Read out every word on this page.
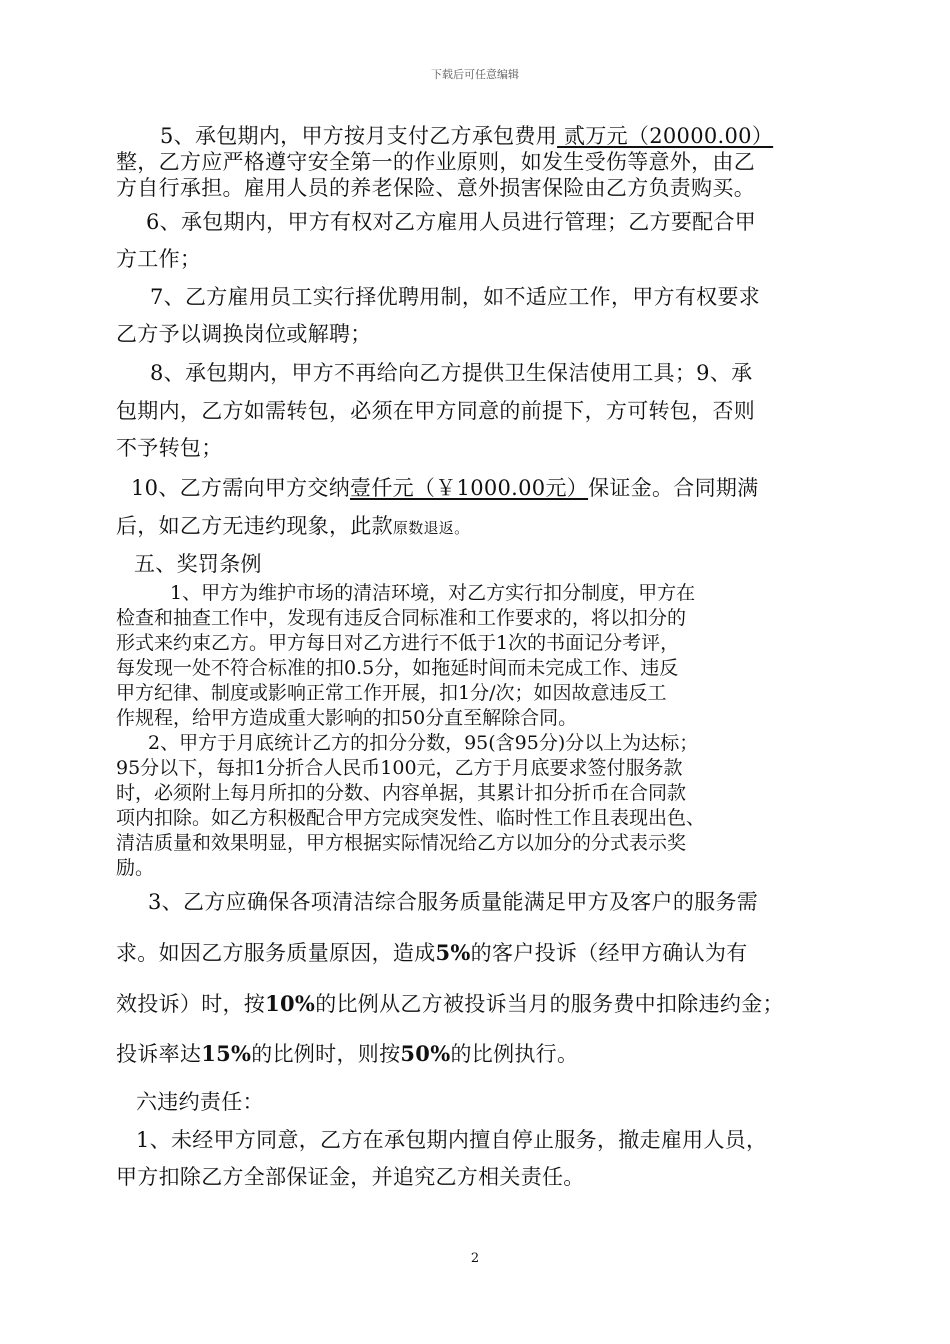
下载后可任意编辑
5、承包期内，甲方按月支付乙方承包费用 贰万元（20000.00）
整，乙方应严格遵守安全第一的作业原则，如发生受伤等意外，由乙
方自行承担。雇用人员的养老保险、意外损害保险由乙方负责购买。
6、承包期内，甲方有权对乙方雇用人员进行管理；乙方要配合甲
方工作；
7、乙方雇用员工实行择优聘用制，如不适应工作，甲方有权要求
乙方予以调换岗位或解聘；
8、承包期内，甲方不再给向乙方提供卫生保洁使用工具；9、承
包期内，乙方如需转包，必须在甲方同意的前提下，方可转包，否则
不予转包；
10、乙方需向甲方交纳壹仟元（￥1000.00元）保证金。合同期满
后，如乙方无违约现象，此款原数退返。
五、奖罚条例
1、甲方为维护市场的清洁环境，对乙方实行扣分制度，甲方在
检查和抽查工作中，发现有违反合同标准和工作要求的，将以扣分的
形式来约束乙方。甲方每日对乙方进行不低于1次的书面记分考评，
每发现一处不符合标准的扣0.5分，如拖延时间而未完成工作、违反
甲方纪律、制度或影响正常工作开展，扣1分/次；如因故意违反工
作规程，给甲方造成重大影响的扣50分直至解除合同。
2、甲方于月底统计乙方的扣分分数，95(含95分)分以上为达标；
95分以下，每扣1分折合人民币100元，乙方于月底要求签付服务款
时，必须附上每月所扣的分数、内容单据，其累计扣分折币在合同款
项内扣除。如乙方积极配合甲方完成突发性、临时性工作且表现出色、
清洁质量和效果明显，甲方根据实际情况给乙方以加分的分式表示奖
励。
3、乙方应确保各项清洁综合服务质量能满足甲方及客户的服务需
求。如因乙方服务质量原因，造成5%的客户投诉（经甲方确认为有
效投诉）时，按10%的比例从乙方被投诉当月的服务费中扣除违约金；
投诉率达15%的比例时，则按50%的比例执行。
六违约责任：
1、未经甲方同意，乙方在承包期内擅自停止服务，撤走雇用人员，
甲方扣除乙方全部保证金，并追究乙方相关责任。
2
